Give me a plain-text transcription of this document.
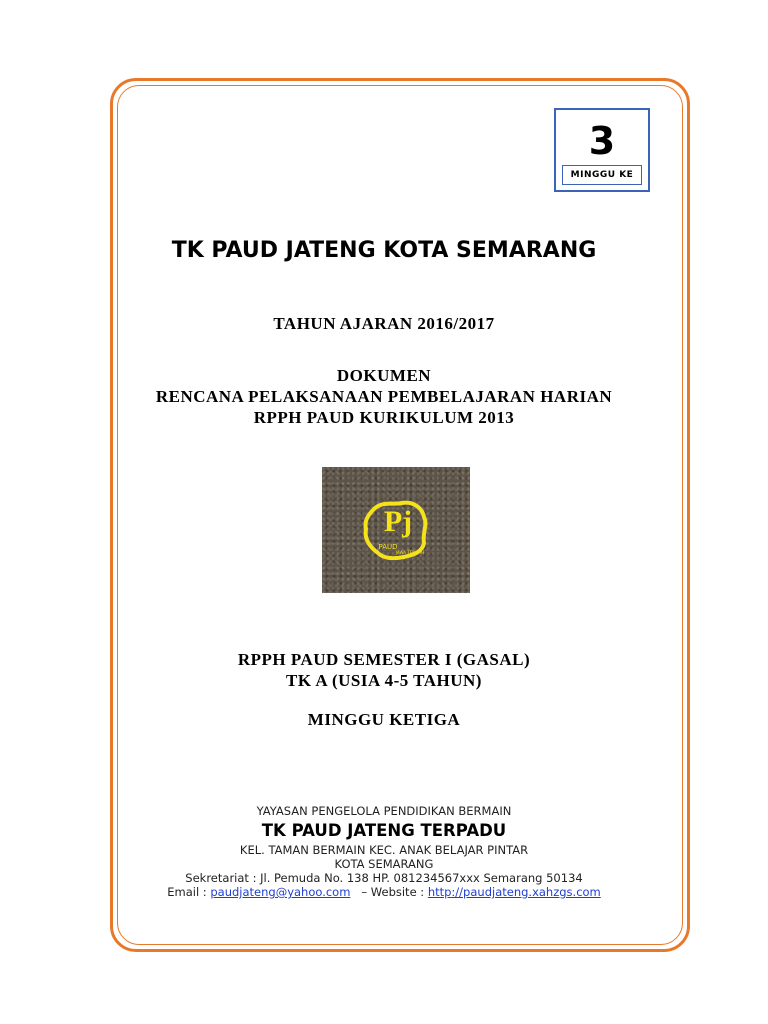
3
MINGGU KE
TK PAUD JATENG KOTA SEMARANG
TAHUN AJARAN 2016/2017
DOKUMEN
RENCANA PELAKSANAAN PEMBELAJARAN HARIAN
RPPH PAUD KURIKULUM 2013
Pj
PAUD
JAWA TENGAH
RPPH PAUD SEMESTER I (GASAL)
TK A (USIA 4-5 TAHUN)
MINGGU KETIGA
YAYASAN PENGELOLA PENDIDIKAN BERMAIN
TK PAUD JATENG TERPADU
KEL. TAMAN BERMAIN KEC. ANAK BELAJAR PINTAR
KOTA SEMARANG
Sekretariat : Jl. Pemuda No. 138 HP. 081234567xxx Semarang 50134
Email : paudjateng@yahoo.com – Website : http://paudjateng.xahzgs.com
